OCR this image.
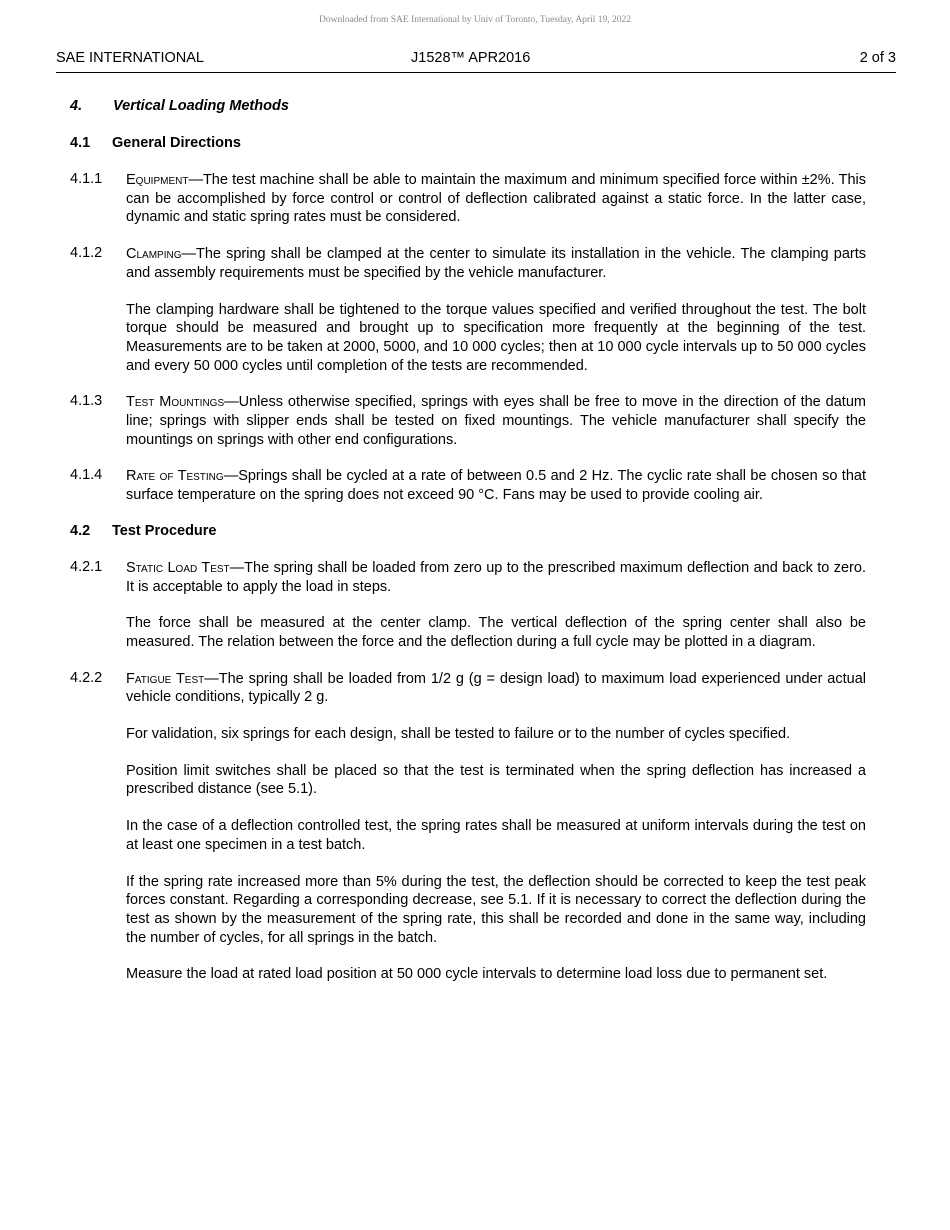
Downloaded from SAE International by Univ of Toronto, Tuesday, April 19, 2022
SAE INTERNATIONAL	J1528™ APR2016	2 of 3
4. Vertical Loading Methods
4.1 General Directions
4.1.1 Equipment—The test machine shall be able to maintain the maximum and minimum specified force within ±2%. This can be accomplished by force control or control of deflection calibrated against a static force. In the latter case, dynamic and static spring rates must be considered.

4.1.2 Clamping—The spring shall be clamped at the center to simulate its installation in the vehicle. The clamping parts and assembly requirements must be specified by the vehicle manufacturer.

The clamping hardware shall be tightened to the torque values specified and verified throughout the test. The bolt torque should be measured and brought up to specification more frequently at the beginning of the test. Measurements are to be taken at 2000, 5000, and 10 000 cycles; then at 10 000 cycle intervals up to 50 000 cycles and every 50 000 cycles until completion of the tests are recommended.

4.1.3 Test Mountings—Unless otherwise specified, springs with eyes shall be free to move in the direction of the datum line; springs with slipper ends shall be tested on fixed mountings. The vehicle manufacturer shall specify the mountings on springs with other end configurations.

4.1.4 Rate of Testing—Springs shall be cycled at a rate of between 0.5 and 2 Hz. The cyclic rate shall be chosen so that surface temperature on the spring does not exceed 90 °C. Fans may be used to provide cooling air.

4.2 Test Procedure
4.2.1 Static Load Test—The spring shall be loaded from zero up to the prescribed maximum deflection and back to zero. It is acceptable to apply the load in steps.

The force shall be measured at the center clamp. The vertical deflection of the spring center shall also be measured. The relation between the force and the deflection during a full cycle may be plotted in a diagram.

4.2.2 Fatigue Test—The spring shall be loaded from 1/2 g (g = design load) to maximum load experienced under actual vehicle conditions, typically 2 g.

For validation, six springs for each design, shall be tested to failure or to the number of cycles specified.

Position limit switches shall be placed so that the test is terminated when the spring deflection has increased a prescribed distance (see 5.1).

In the case of a deflection controlled test, the spring rates shall be measured at uniform intervals during the test on at least one specimen in a test batch.

If the spring rate increased more than 5% during the test, the deflection should be corrected to keep the test peak forces constant. Regarding a corresponding decrease, see 5.1. If it is necessary to correct the deflection during the test as shown by the measurement of the spring rate, this shall be recorded and done in the same way, including the number of cycles, for all springs in the batch.

Measure the load at rated load position at 50 000 cycle intervals to determine load loss due to permanent set.
